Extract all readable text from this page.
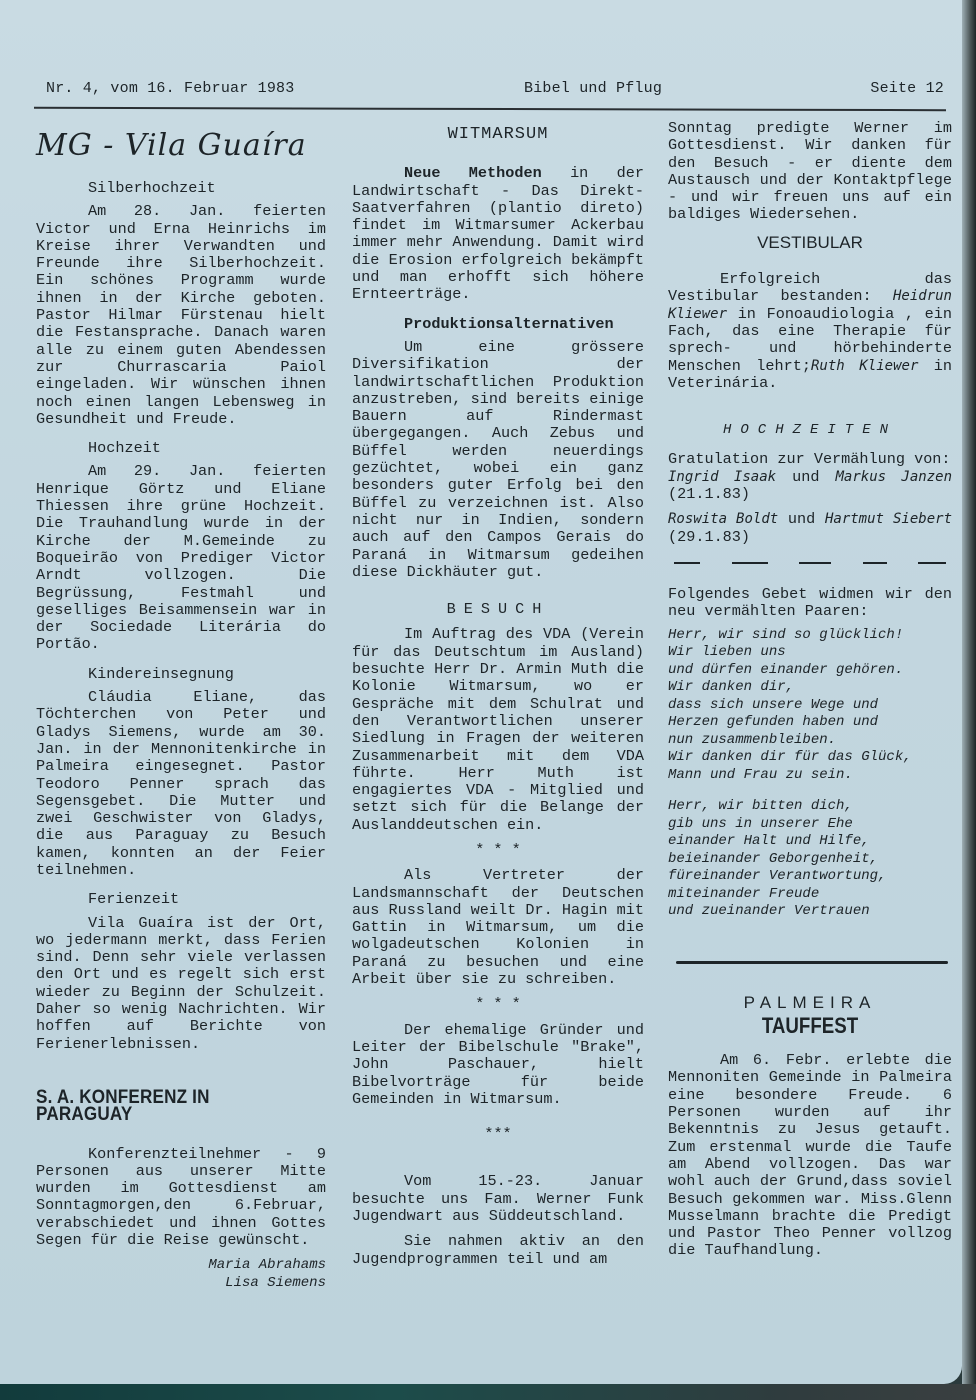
Nr. 4, vom 16. Februar 1983	Bibel und Pflug	Seite 12
MG - Vila Guaíra
Silberhochzeit

Am 28. Jan. feierten Victor und Erna Heinrichs im Kreise ihrer Verwandten und Freunde ihre Silberhochzeit. Ein schönes Programm wurde ihnen in der Kirche geboten. Pastor Hilmar Fürstenau hielt die Festansprache. Danach waren alle zu einem guten Abendessen zur Churrascaria Paiol eingeladen. Wir wünschen ihnen noch einen langen Lebensweg in Gesundheit und Freude.

Hochzeit

Am 29. Jan. feierten Henrique Görtz und Eliane Thiessen ihre grüne Hochzeit. Die Trauhandlung wurde in der Kirche der M.Gemeinde zu Boqueirão von Prediger Victor Arndt vollzogen. Die Begrüssung, Festmahl und geselliges Beisammensein war in der Sociedade Literária do Portão.

Kindereinsegnung

Cláudia Eliane, das Töchterchen von Peter und Gladys Siemens, wurde am 30. Jan. in der Mennonitenkirche in Palmeira eingesegnet. Pastor Teodoro Penner sprach das Segensgebet. Die Mutter und zwei Geschwister von Gladys, die aus Paraguay zu Besuch kamen, konnten an der Feier teilnehmen.

Ferienzeit

Vila Guaíra ist der Ort, wo jedermann merkt, dass Ferien sind. Denn sehr viele verlassen den Ort und es regelt sich erst wieder zu Beginn der Schulzeit. Daher so wenig Nachrichten. Wir hoffen auf Berichte von Ferienerlebnissen.

S. A. KONFERENZ IN PARAGUAY

Konferenzteilnehmer - 9 Personen aus unserer Mitte wurden im Gottesdienst am Sonntagmorgen,den 6.Februar, verabschiedet und ihnen Gottes Segen für die Reise gewünscht.

Maria Abrahams
Lisa Siemens
WITMARSUM

Neue Methoden in der Landwirtschaft - Das Direkt-Saatverfahren (plantio direto) findet im Witmarsumer Ackerbau immer mehr Anwendung. Damit wird die Erosion erfolgreich bekämpft und man erhofft sich höhere Ernteerträge.

Produktionsalternativen

Um eine grössere Diversifikation der landwirtschaftlichen Produktion anzustreben, sind bereits einige Bauern auf Rindermast übergegangen. Auch Zebus und Büffel werden neuerdings gezüchtet, wobei ein ganz besonders guter Erfolg bei den Büffel zu verzeichnen ist. Also nicht nur in Indien, sondern auch auf den Campos Gerais do Paraná in Witmarsum gedeihen diese Dickhäuter gut.

BESUCH

Im Auftrag des VDA (Verein für das Deutschtum im Ausland) besuchte Herr Dr. Armin Muth die Kolonie Witmarsum, wo er Gespräche mit dem Schulrat und den Verantwortlichen unserer Siedlung in Fragen der weiteren Zusammenarbeit mit dem VDA führte. Herr Muth ist engagiertes VDA - Mitglied und setzt sich für die Belange der Auslanddeutschen ein.

* * *

Als Vertreter der Landsmannschaft der Deutschen aus Russland weilt Dr. Hagin mit Gattin in Witmarsum, um die wolgadeutschen Kolonien in Paraná zu besuchen und eine Arbeit über sie zu schreiben.

* * *

Der ehemalige Gründer und Leiter der Bibelschule "Brake", John Paschauer, hielt Bibelvorträge für beide Gemeinden in Witmarsum.

***

Vom 15.-23. Januar besuchte uns Fam. Werner Funk Jugendwart aus Süddeutschland.

Sie nahmen aktiv an den Jugendprogrammen teil und am

Sonntag predigte Werner im Gottesdienst. Wir danken für den Besuch - er diente dem Austausch und der Kontaktpflege - und wir freuen uns auf ein baldiges Wiedersehen.

VESTIBULAR

Erfolgreich das Vestibular bestanden: Heidrun Kliewer in Fonoaudiologia , ein Fach, das eine Therapie für sprech- und hörbehinderte Menschen lehrt;Ruth Kliewer in Veterinária.

HOCHZEITEN

Gratulation zur Vermählung von:

Ingrid Isaak und Markus Janzen (21.1.83)

Roswita Boldt und Hartmut Siebert (29.1.83)

Folgendes Gebet widmen wir den neu vermählten Paaren:

Herr, wir sind so glücklich!
Wir lieben uns
und dürfen einander gehören.
Wir danken dir,
dass sich unsere Wege und
Herzen gefunden haben und
nun zusammenbleiben.
Wir danken dir für das Glück,
Mann und Frau zu sein.
Herr, wir bitten dich,
gib uns in unserer Ehe
einander Halt und Hilfe,
beieinander Geborgenheit,
füreinander Verantwortung,
miteinander Freude
und zueinander Vertrauen
PALMEIRA
TAUFFEST

Am 6. Febr. erlebte die Mennoniten Gemeinde in Palmeira eine besondere Freude. 6 Personen wurden auf ihr Bekenntnis zu Jesus getauft. Zum erstenmal wurde die Taufe am Abend vollzogen. Das war wohl auch der Grund,dass soviel Besuch gekommen war. Miss.Glenn Musselmann brachte die Predigt und Pastor Theo Penner vollzog die Taufhandlung.
